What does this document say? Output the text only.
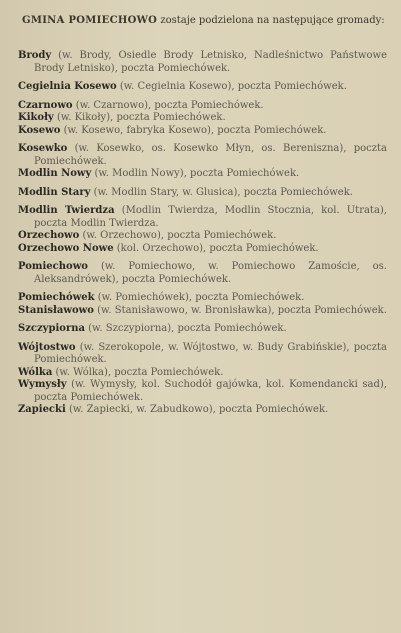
GMINA POMIECHOWO zostaje podzielona na następujące gromady:

Brody (w. Brody, Osiedle Brody Letnisko, Nadleśnictwo Państwowe Brody Letnisko), poczta Pomiechówek.

Cegielnia Kosewo (w. Cegielnia Kosewo), poczta Pomiechówek.

Czarnowo (w. Czarnowo), poczta Pomiechówek.

Kikoły (w. Kikoły), poczta Pomiechówek.

Kosewo (w. Kosewo, fabryka Kosewo), poczta Pomiechówek.

Kosewko (w. Kosewko, os. Kosewko Młyn, os. Bereniszna), poczta Pomiechówek.

Modlin Nowy (w. Modlin Nowy), poczta Pomiechówek.

Modlin Stary (w. Modlin Stary, w. Glusica), poczta Pomiechówek.

Modlin Twierdza (Modlin Twierdza, Modlin Stocznia, kol. Utrata), poczta Modlin Twierdza.

Orzechowo (w. Orzechowo), poczta Pomiechówek.

Orzechowo Nowe (kol. Orzechowo), poczta Pomiechówek.

Pomiechowo (w. Pomiechowo, w. Pomiechowo Zamoście, os. Aleksandrówek), poczta Pomiechówek.

Pomiechówek (w. Pomiechówek), poczta Pomiechówek.

Stanisławowo (w. Stanisławowo, w. Bronisławka), poczta Pomiechówek.

Szczypiorna (w. Szczypiorna), poczta Pomiechówek.

Wójtostwo (w. Szerokopole, w. Wójtostwo, w. Budy Grabińskie), poczta Pomiechówek.

Wólka (w. Wólka), poczta Pomiechówek.

Wymysły (w. Wymysły, kol. Suchodół gajówka, kol. Komendancki sad), poczta Pomiechówek.

Zapiecki (w. Zapiecki, w. Zabudkowo), poczta Pomiechówek.
